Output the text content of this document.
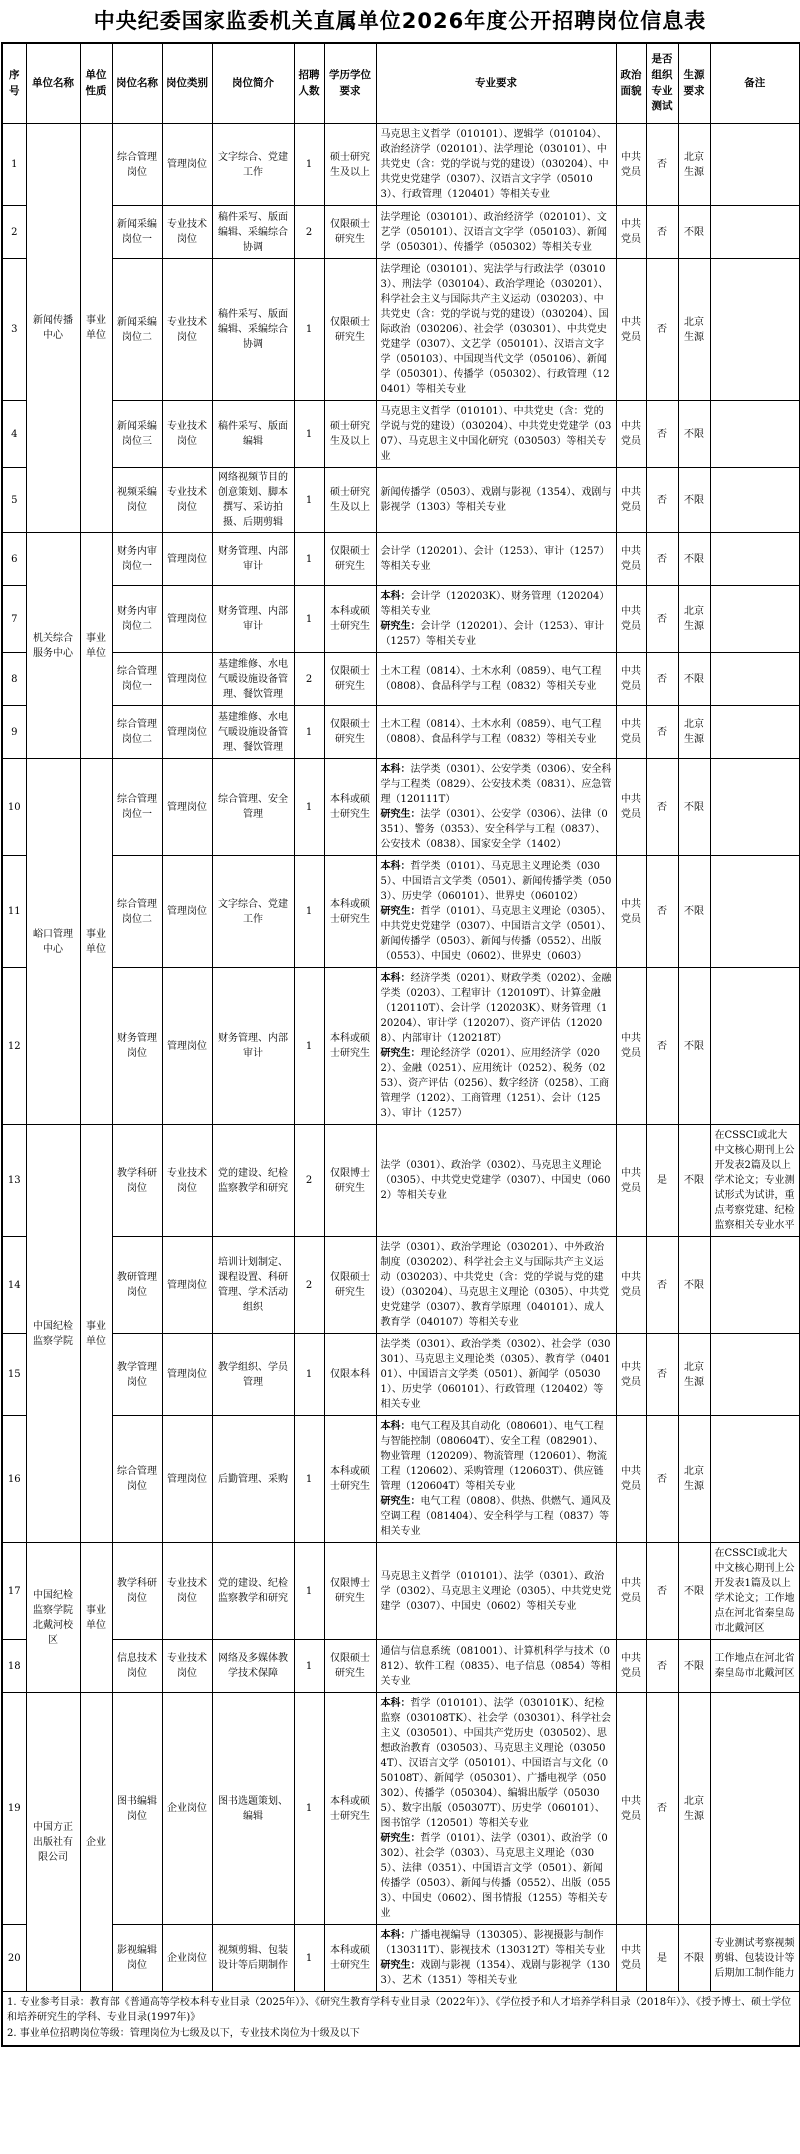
中央纪委国家监委机关直属单位2026年度公开招聘岗位信息表
序号	单位名称	单位性质	岗位名称	岗位类别	岗位简介	招聘人数	学历学位要求	专业要求	政治面貌	是否组织专业测试	生源要求	备注
1	新闻传播中心	事业单位	综合管理岗位	管理岗位	文字综合、党建工作	1	硕士研究生及以上	马克思主义哲学（010101）、逻辑学（010104）、政治经济学（020101）、法学理论（030101）、中共党史（含：党的学说与党的建设）（030204）、中共党史党建学（0307）、汉语言文字学（050103）、行政管理（120401）等相关专业	中共党员	否	北京生源	
2			新闻采编岗位一	专业技术岗位	稿件采写、版面编辑、采编综合协调	2	仅限硕士研究生	法学理论（030101）、政治经济学（020101）、文艺学（050101）、汉语言文字学（050103）、新闻学（050301）、传播学（050302）等相关专业	中共党员	否	不限	
3			新闻采编岗位二	专业技术岗位	稿件采写、版面编辑、采编综合协调	1	仅限硕士研究生	法学理论（030101）、宪法学与行政法学（030103）、刑法学（030104）、政治学理论（030201）、科学社会主义与国际共产主义运动（030203）、中共党史（含：党的学说与党的建设）（030204）、国际政治（030206）、社会学（030301）、中共党史党建学（0307）、文艺学（050101）、汉语言文字学（050103）、中国现当代文学（050106）、新闻学（050301）、传播学（050302）、行政管理（120401）等相关专业	中共党员	否	北京生源	
4			新闻采编岗位三	专业技术岗位	稿件采写、版面编辑	1	硕士研究生及以上	马克思主义哲学（010101）、中共党史（含：党的学说与党的建设）（030204）、中共党史党建学（0307）、马克思主义中国化研究（030503）等相关专业	中共党员	否	不限	
5			视频采编岗位	专业技术岗位	网络视频节目的创意策划、脚本撰写、采访拍摄、后期剪辑	1	硕士研究生及以上	新闻传播学（0503）、戏剧与影视（1354）、戏剧与影视学（1303）等相关专业	中共党员	否	不限	
6	机关综合服务中心	事业单位	财务内审岗位一	管理岗位	财务管理、内部审计	1	仅限硕士研究生	会计学（120201）、会计（1253）、审计（1257）等相关专业	中共党员	否	不限	
7			财务内审岗位二	管理岗位	财务管理、内部审计	1	本科或硕士研究生	本科：会计学（120203K）、财务管理（120204）等相关专业
研究生：会计学（120201）、会计（1253）、审计（1257）等相关专业	中共党员	否	北京生源	
8			综合管理岗位一	管理岗位	基建维修、水电气暖设施设备管理、餐饮管理	2	仅限硕士研究生	土木工程（0814）、土木水利（0859）、电气工程（0808）、食品科学与工程（0832）等相关专业	中共党员	否	不限	
9			综合管理岗位二	管理岗位	基建维修、水电气暖设施设备管理、餐饮管理	1	仅限硕士研究生	土木工程（0814）、土木水利（0859）、电气工程（0808）、食品科学与工程（0832）等相关专业	中共党员	否	北京生源	
10	峪口管理中心	事业单位	综合管理岗位一	管理岗位	综合管理、安全管理	1	本科或硕士研究生	本科：法学类（0301）、公安学类（0306）、安全科学与工程类（0829）、公安技术类（0831）、应急管理（120111T）
研究生：法学（0301）、公安学（0306）、法律（0351）、警务（0353）、安全科学与工程（0837）、公安技术（0838）、国家安全学（1402）	中共党员	否	不限	
11			综合管理岗位二	管理岗位	文字综合、党建工作	1	本科或硕士研究生	本科：哲学类（0101）、马克思主义理论类（0305）、中国语言文学类（0501）、新闻传播学类（0503）、历史学（060101）、世界史（060102）
研究生：哲学（0101）、马克思主义理论（0305）、中共党史党建学（0307）、中国语言文学（0501）、新闻传播学（0503）、新闻与传播（0552）、出版（0553）、中国史（0602）、世界史（0603）	中共党员	否	不限	
12			财务管理岗位	管理岗位	财务管理、内部审计	1	本科或硕士研究生	本科：经济学类（0201）、财政学类（0202）、金融学类（0203）、工程审计（120109T）、计算金融（120110T）、会计学（120203K）、财务管理（120204）、审计学（120207）、资产评估（120208）、内部审计（120218T）
研究生：理论经济学（0201）、应用经济学（0202）、金融（0251）、应用统计（0252）、税务（0253）、资产评估（0256）、数字经济（0258）、工商管理学（1202）、工商管理（1251）、会计（1253）、审计（1257）	中共党员	否	不限	
13	中国纪检监察学院	事业单位	教学科研岗位	专业技术岗位	党的建设、纪检监察教学和研究	2	仅限博士研究生	法学（0301）、政治学（0302）、马克思主义理论（0305）、中共党史党建学（0307）、中国史（0602）等相关专业	中共党员	是	不限	在CSSCI或北大中文核心期刊上公开发表2篇及以上学术论文；专业测试形式为试讲，重点考察党建、纪检监察相关专业水平
14			教研管理岗位	管理岗位	培训计划制定、课程设置、科研管理、学术活动组织	2	仅限硕士研究生	法学（0301）、政治学理论（030201）、中外政治制度（030202）、科学社会主义与国际共产主义运动（030203）、中共党史（含：党的学说与党的建设）（030204）、马克思主义理论（0305）、中共党史党建学（0307）、教育学原理（040101）、成人教育学（040107）等相关专业	中共党员	否	不限	
15			教学管理岗位	管理岗位	教学组织、学员管理	1	仅限本科	法学类（0301）、政治学类（0302）、社会学（030301）、马克思主义理论类（0305）、教育学（040101）、中国语言文学类（0501）、新闻学（050301）、历史学（060101）、行政管理（120402）等相关专业	中共党员	否	北京生源	
16			综合管理岗位	管理岗位	后勤管理、采购	1	本科或硕士研究生	本科：电气工程及其自动化（080601）、电气工程与智能控制（080604T）、安全工程（082901）、物业管理（120209）、物流管理（120601）、物流工程（120602）、采购管理（120603T）、供应链管理（120604T）等相关专业
研究生：电气工程（0808）、供热、供燃气、通风及空调工程（081404）、安全科学与工程（0837）等相关专业	中共党员	否	北京生源	
17	中国纪检监察学院北戴河校区	事业单位	教学科研岗位	专业技术岗位	党的建设、纪检监察教学和研究	1	仅限博士研究生	马克思主义哲学（010101）、法学（0301）、政治学（0302）、马克思主义理论（0305）、中共党史党建学（0307）、中国史（0602）等相关专业	中共党员	否	不限	在CSSCI或北大中文核心期刊上公开发表1篇及以上学术论文；工作地点在河北省秦皇岛市北戴河区
18			信息技术岗位	专业技术岗位	网络及多媒体教学技术保障	1	仅限硕士研究生	通信与信息系统（081001）、计算机科学与技术（0812）、软件工程（0835）、电子信息（0854）等相关专业	中共党员	否	不限	工作地点在河北省秦皇岛市北戴河区
19	中国方正出版社有限公司	企业	图书编辑岗位	企业岗位	图书选题策划、编辑	1	本科或硕士研究生	本科：哲学（010101）、法学（030101K）、纪检监察（030108TK）、社会学（030301）、科学社会主义（030501）、中国共产党历史（030502）、思想政治教育（030503）、马克思主义理论（030504T）、汉语言文学（050101）、中国语言与文化（050108T）、新闻学（050301）、广播电视学（050302）、传播学（050304）、编辑出版学（050305）、数字出版（050307T）、历史学（060101）、图书馆学（120501）等相关专业
研究生：哲学（0101）、法学（0301）、政治学（0302）、社会学（0303）、马克思主义理论（0305）、法律（0351）、中国语言文学（0501）、新闻传播学（0503）、新闻与传播（0552）、出版（0553）、中国史（0602）、图书情报（1255）等相关专业	中共党员	否	北京生源	
20			影视编辑岗位	企业岗位	视频剪辑、包装设计等后期制作	1	本科或硕士研究生	本科：广播电视编导（130305）、影视摄影与制作（130311T）、影视技术（130312T）等相关专业
研究生：戏剧与影视（1354）、戏剧与影视学（1303）、艺术（1351）等相关专业	中共党员	是	不限	专业测试考察视频剪辑、包装设计等后期加工制作能力

1. 专业参考目录：教育部《普通高等学校本科专业目录（2025年）》、《研究生教育学科专业目录（2022年）》、《学位授予和人才培养学科目录（2018年）》、《授予博士、硕士学位和培养研究生的学科、专业目录(1997年)》
2. 事业单位招聘岗位等级：管理岗位为七级及以下，专业技术岗位为十级及以下												
